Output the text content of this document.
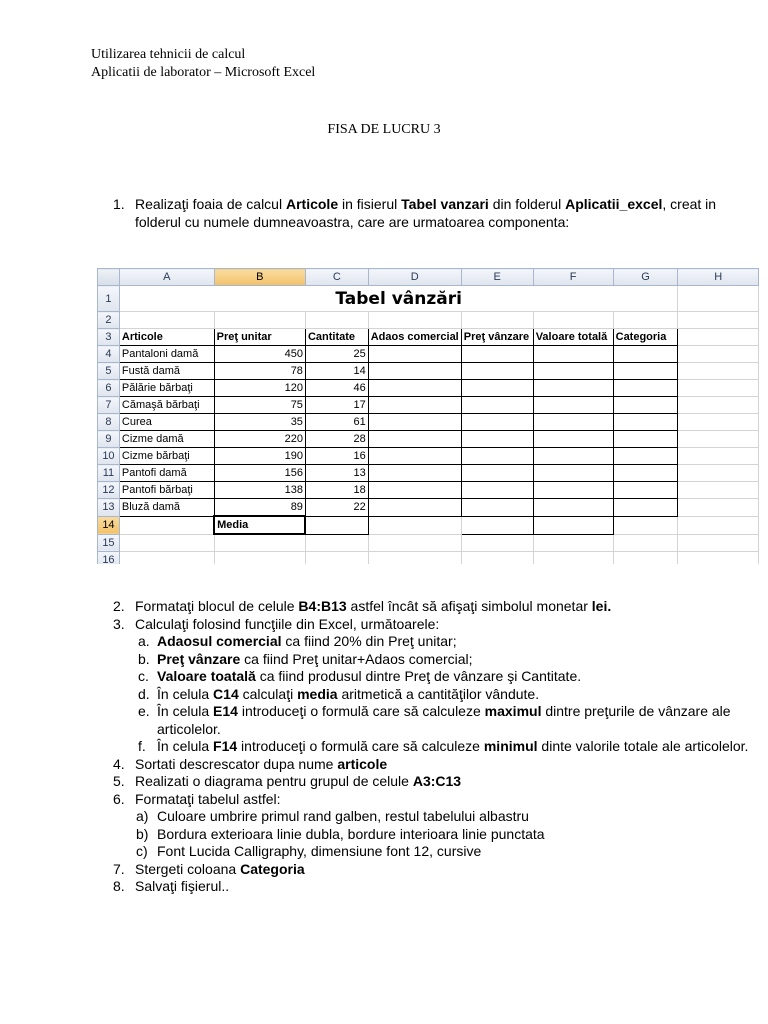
Utilizarea tehnicii de calcul
Aplicatii de laborator – Microsoft Excel
FISA DE LUCRU 3
1. Realizaţi foaia de calcul Articole in fisierul Tabel vanzari din folderul Aplicatii_excel, creat in folderul cu numele dumneavoastra, care are urmatoarea componenta:
	A	B	C	D	E	F	G	H
1	Tabel vânzări							
2								
3	Articole	Preţ unitar	Cantitate	Adaos comercial	Preţ vânzare	Valoare totală	Categoria	
4	Pantaloni damă	450	25					
5	Fustă damă	78	14					
6	Pălărie bărbaţi	120	46					
7	Cămaşă bărbaţi	75	17					
8	Curea	35	61					
9	Cizme damă	220	28					
10	Cizme bărbaţi	190	16					
11	Pantofi damă	156	13					
12	Pantofi bărbaţi	138	18					
13	Bluză damă	89	22					
14		Media						
15								
16								
2. Formataţi blocul de celule B4:B13 astfel încât să afişaţi simbolul monetar lei.
3. Calculaţi folosind funcţiile din Excel, următoarele:
a. Adaosul comercial ca fiind 20% din Preţ unitar;
b. Preţ vânzare ca fiind Preţ unitar+Adaos comercial;
c. Valoare toatală ca fiind produsul dintre Preţ de vânzare şi Cantitate.
d. În celula C14 calculaţi media aritmetică a cantităţilor vândute.
e. În celula E14 introduceţi o formulă care să calculeze maximul dintre preţurile de vânzare ale articolelor.
f. În celula F14 introduceţi o formulă care să calculeze minimul dinte valorile totale ale articolelor.
4. Sortati descrescator dupa nume articole
5. Realizati o diagrama pentru grupul de celule A3:C13
6. Formataţi tabelul astfel:
a) Culoare umbrire primul rand galben, restul tabelului albastru
b) Bordura exterioara linie dubla, bordure interioara linie punctata
c) Font Lucida Calligraphy, dimensiune font 12, cursive
7. Stergeti coloana Categoria
8. Salvaţi fişierul..
